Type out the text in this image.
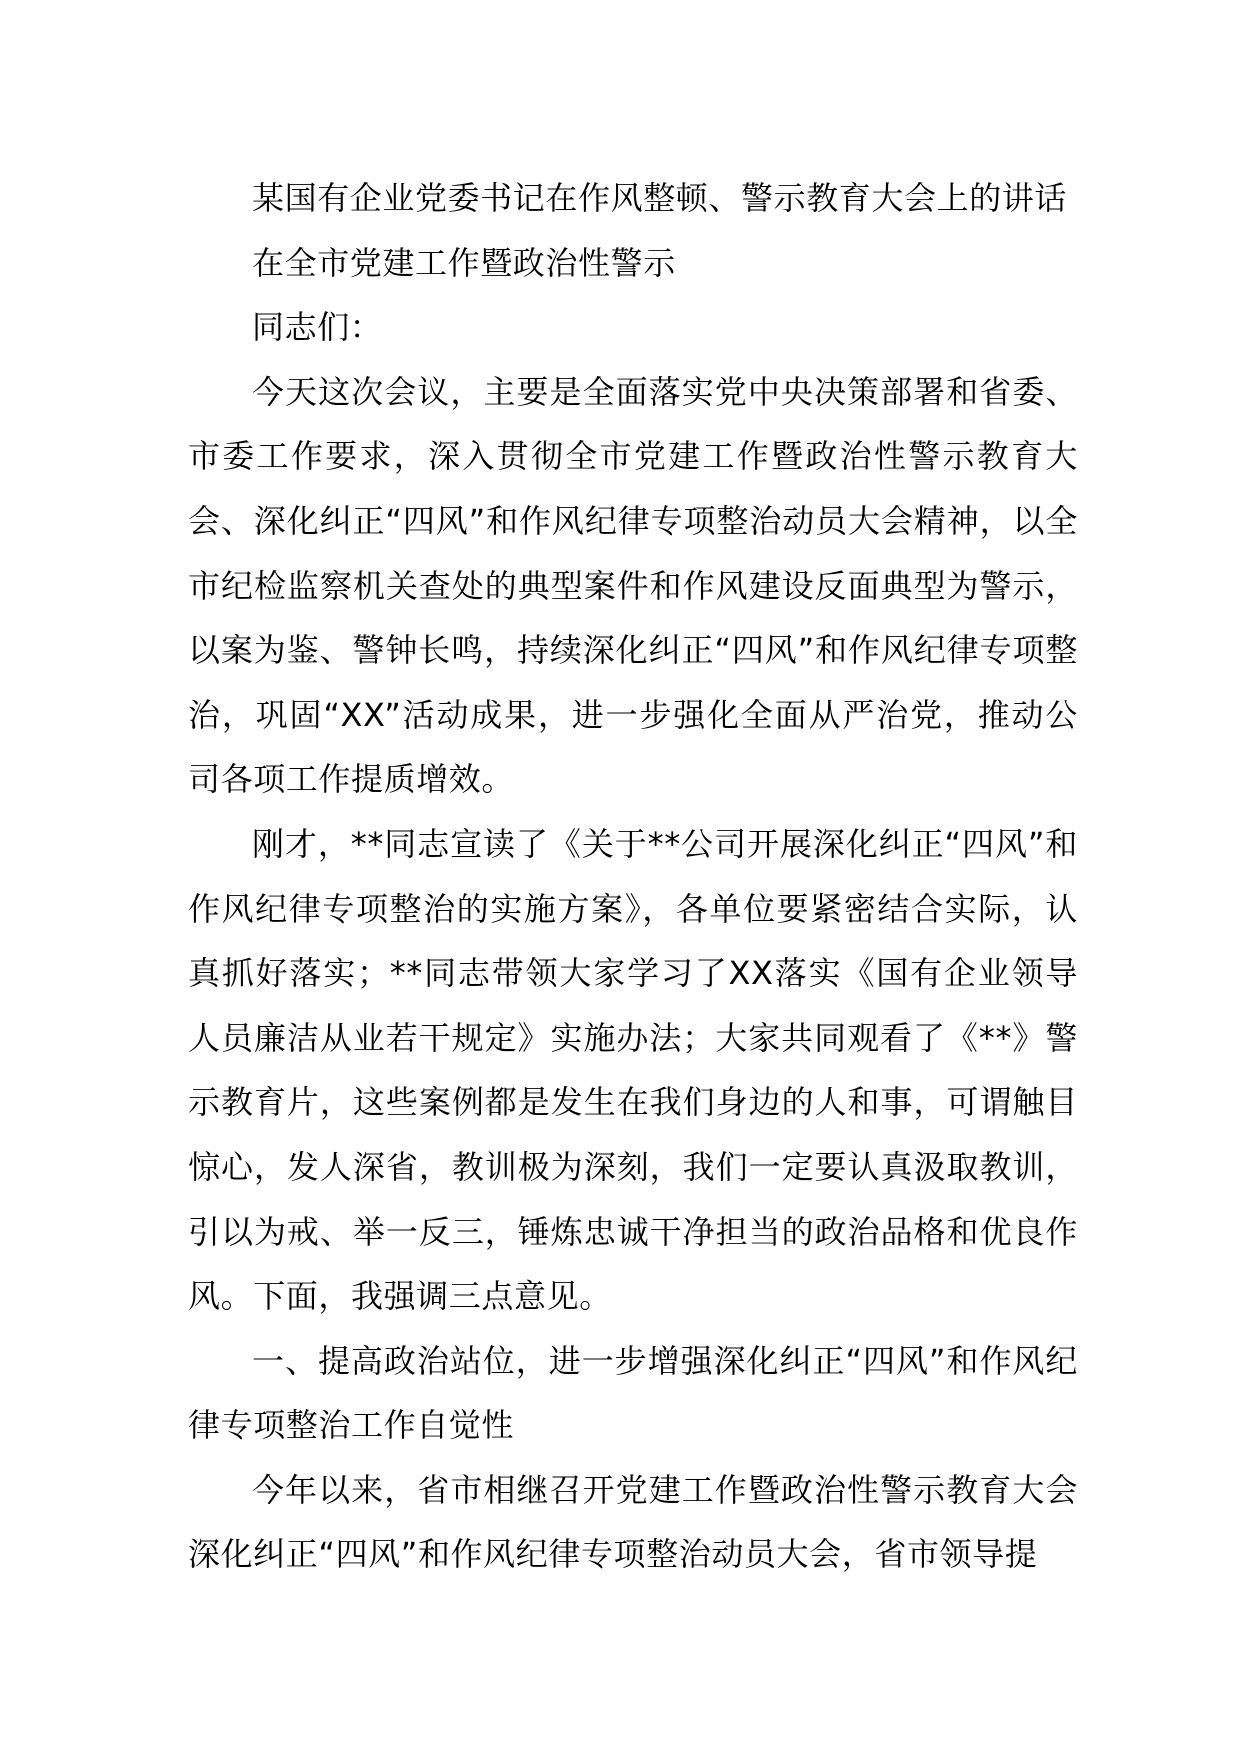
某国有企业党委书记在作风整顿、警示教育大会上的讲话

在全市党建工作暨政治性警示

同志们：

今天这次会议，主要是全面落实党中央决策部署和省委、市委工作要求，深入贯彻全市党建工作暨政治性警示教育大会、深化纠正“四风”和作风纪律专项整治动员大会精神，以全市纪检监察机关查处的典型案件和作风建设反面典型为警示，以案为鉴、警钟长鸣，持续深化纠正“四风”和作风纪律专项整治，巩固“XX”活动成果，进一步强化全面从严治党，推动公司各项工作提质增效。

刚才，**同志宣读了《关于**公司开展深化纠正“四风”和作风纪律专项整治的实施方案》，各单位要紧密结合实际，认真抓好落实；**同志带领大家学习了XX落实《国有企业领导人员廉洁从业若干规定》实施办法；大家共同观看了《**》警示教育片，这些案例都是发生在我们身边的人和事，可谓触目惊心，发人深省，教训极为深刻，我们一定要认真汲取教训，引以为戒、举一反三，锤炼忠诚干净担当的政治品格和优良作风。下面，我强调三点意见。

一、提高政治站位，进一步增强深化纠正“四风”和作风纪律专项整治工作自觉性

今年以来，省市相继召开党建工作暨政治性警示教育大会深化纠正“四风”和作风纪律专项整治动员大会，省市领导提
